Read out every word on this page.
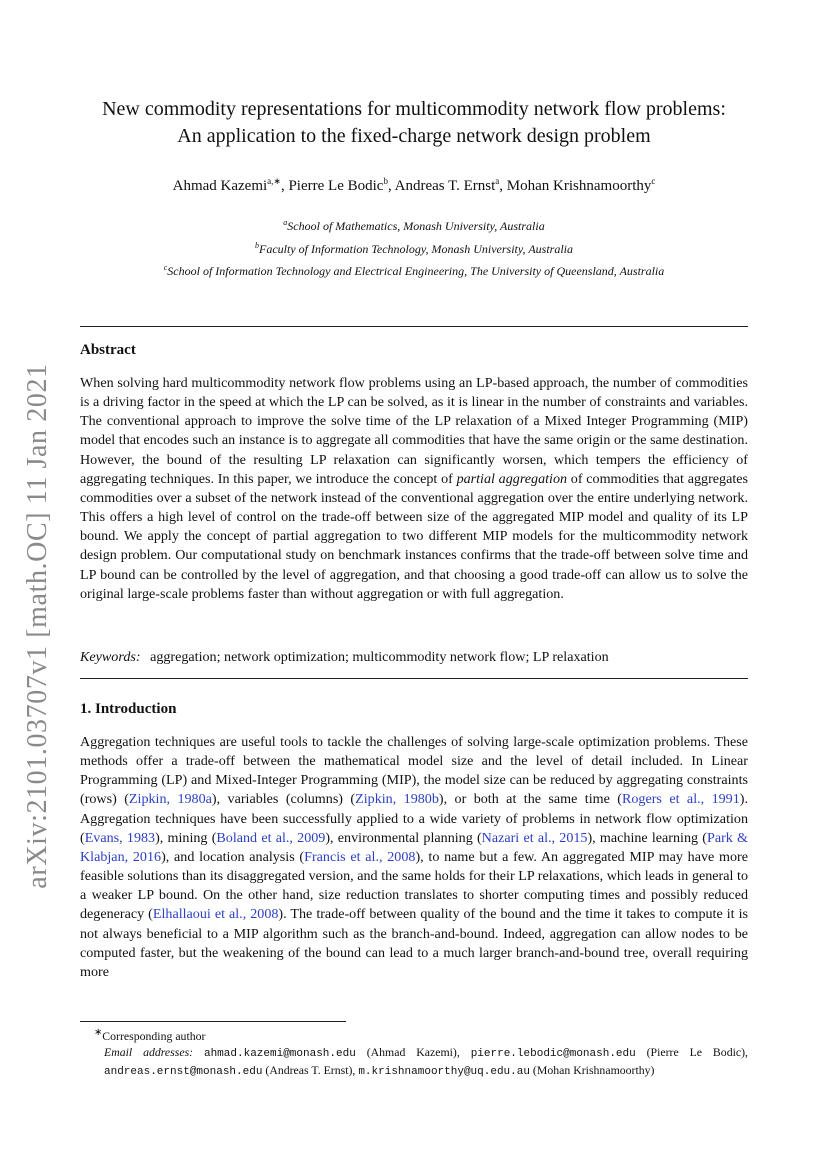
arXiv:2101.03707v1 [math.OC] 11 Jan 2021
New commodity representations for multicommodity network flow problems:
An application to the fixed-charge network design problem
Ahmad Kazemi$^{a,∗}$, Pierre Le Bodic$^b$, Andreas T. Ernst$^a$, Mohan Krishnamoorthy$^c$
$^a$School of Mathematics, Monash University, Australia
$^b$Faculty of Information Technology, Monash University, Australia
$^c$School of Information Technology and Electrical Engineering, The University of Queensland, Australia
Abstract

When solving hard multicommodity network flow problems using an LP-based approach, the number of commodities is a driving factor in the speed at which the LP can be solved, as it is linear in the number of constraints and variables. The conventional approach to improve the solve time of the LP relaxation of a Mixed Integer Programming (MIP) model that encodes such an instance is to aggregate all commodities that have the same origin or the same destination. However, the bound of the resulting LP relaxation can significantly worsen, which tempers the efficiency of aggregating techniques. In this paper, we introduce the concept of partial aggregation of commodities that aggregates commodities over a subset of the network instead of the conventional aggregation over the entire underlying network. This offers a high level of control on the trade-off between size of the aggregated MIP model and quality of its LP bound. We apply the concept of partial aggregation to two different MIP models for the multicommodity network design problem. Our computational study on benchmark instances confirms that the trade-off between solve time and LP bound can be controlled by the level of aggregation, and that choosing a good trade-off can allow us to solve the original large-scale problems faster than without aggregation or with full aggregation.

Keywords: aggregation; network optimization; multicommodity network flow; LP relaxation
1. Introduction

Aggregation techniques are useful tools to tackle the challenges of solving large-scale optimization problems. These methods offer a trade-off between the mathematical model size and the level of detail included. In Linear Programming (LP) and Mixed-Integer Programming (MIP), the model size can be reduced by aggregating constraints (rows) (Zipkin, 1980a), variables (columns) (Zipkin, 1980b), or both at the same time (Rogers et al., 1991). Aggregation techniques have been successfully applied to a wide variety of problems in network flow optimization (Evans, 1983), mining (Boland et al., 2009), environmental planning (Nazari et al., 2015), machine learning (Park & Klabjan, 2016), and location analysis (Francis et al., 2008), to name but a few. An aggregated MIP may have more feasible solutions than its disaggregated version, and the same holds for their LP relaxations, which leads in general to a weaker LP bound. On the other hand, size reduction translates to shorter computing times and possibly reduced degeneracy (Elhallaoui et al., 2008). The trade-off between quality of the bound and the time it takes to compute it is not always beneficial to a MIP algorithm such as the branch-and-bound. Indeed, aggregation can allow nodes to be computed faster, but the weakening of the bound can lead to a much larger branch-and-bound tree, overall requiring more

∗Corresponding author
Email addresses: ahmad.kazemi@monash.edu (Ahmad Kazemi), pierre.lebodic@monash.edu (Pierre Le Bodic), andreas.ernst@monash.edu (Andreas T. Ernst), m.krishnamoorthy@uq.edu.au (Mohan Krishnamoorthy)
